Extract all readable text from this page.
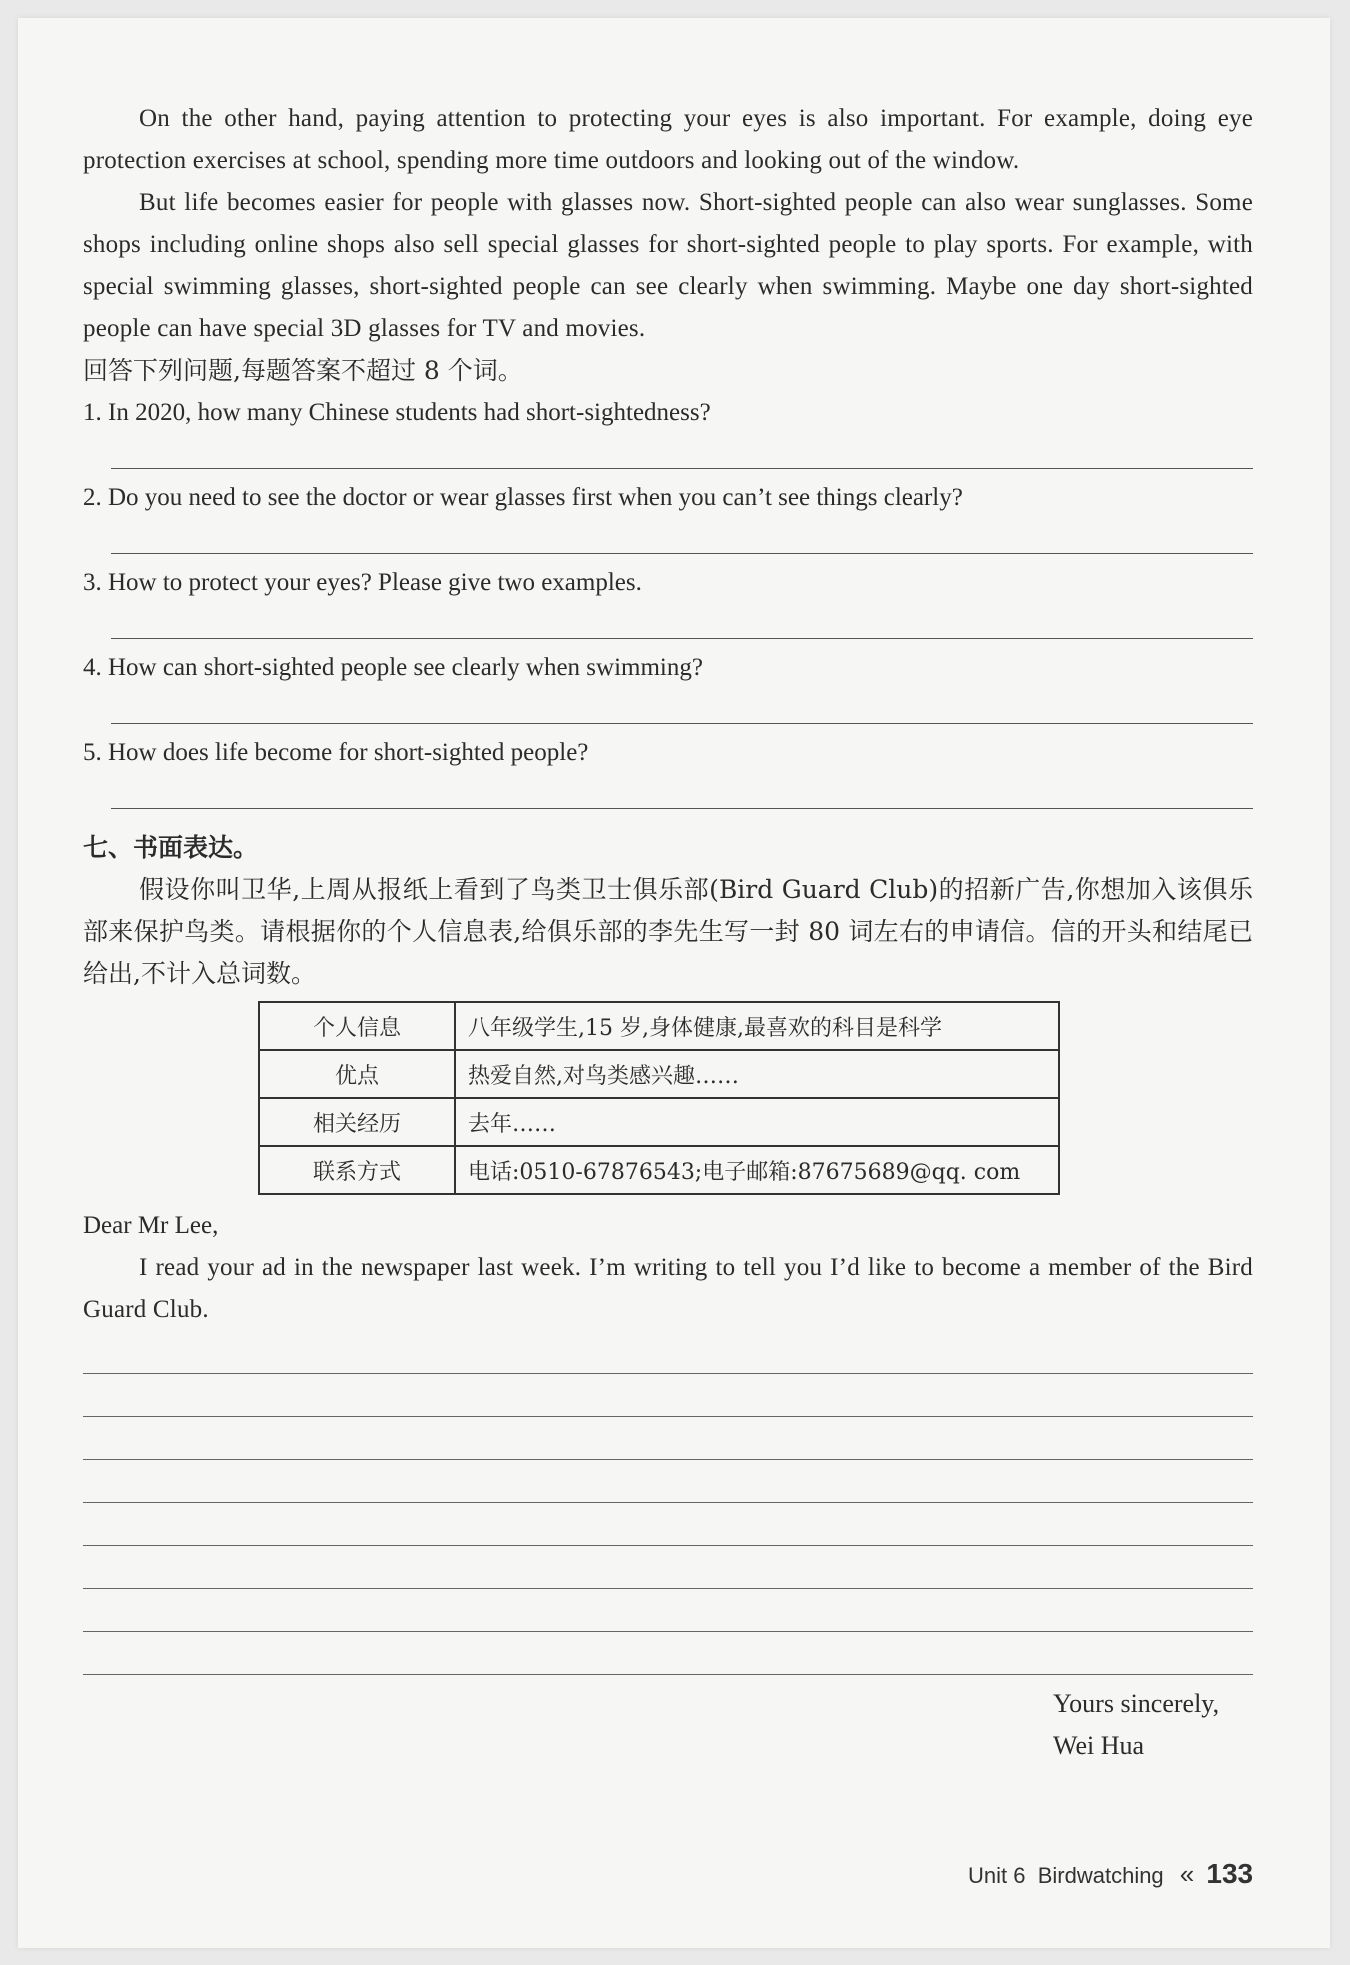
On the other hand, paying attention to protecting your eyes is also important. For example, doing eye protection exercises at school, spending more time outdoors and looking out of the window.

But life becomes easier for people with glasses now. Short-sighted people can also wear sunglasses. Some shops including online shops also sell special glasses for short-sighted people to play sports. For example, with special swimming glasses, short-sighted people can see clearly when swimming. Maybe one day short-sighted people can have special 3D glasses for TV and movies.

回答下列问题,每题答案不超过 8 个词。

1. In 2020, how many Chinese students had short-sightedness?

2. Do you need to see the doctor or wear glasses first when you can’t see things clearly?

3. How to protect your eyes? Please give two examples.

4. How can short-sighted people see clearly when swimming?

5. How does life become for short-sighted people?

七、书面表达。

假设你叫卫华,上周从报纸上看到了鸟类卫士俱乐部(Bird Guard Club)的招新广告,你想加入该俱乐部来保护鸟类。请根据你的个人信息表,给俱乐部的李先生写一封 80 词左右的申请信。信的开头和结尾已给出,不计入总词数。

个人信息	八年级学生,15 岁,身体健康,最喜欢的科目是科学
优点	热爱自然,对鸟类感兴趣……
相关经历	去年……
联系方式	电话:0510-67876543;电子邮箱:87675689@qq. com

Dear Mr Lee,

I read your ad in the newspaper last week. I’m writing to tell you I’d like to become a member of the Bird Guard Club.

Yours sincerely,
Wei Hua
Unit 6 Birdwatching « 133
